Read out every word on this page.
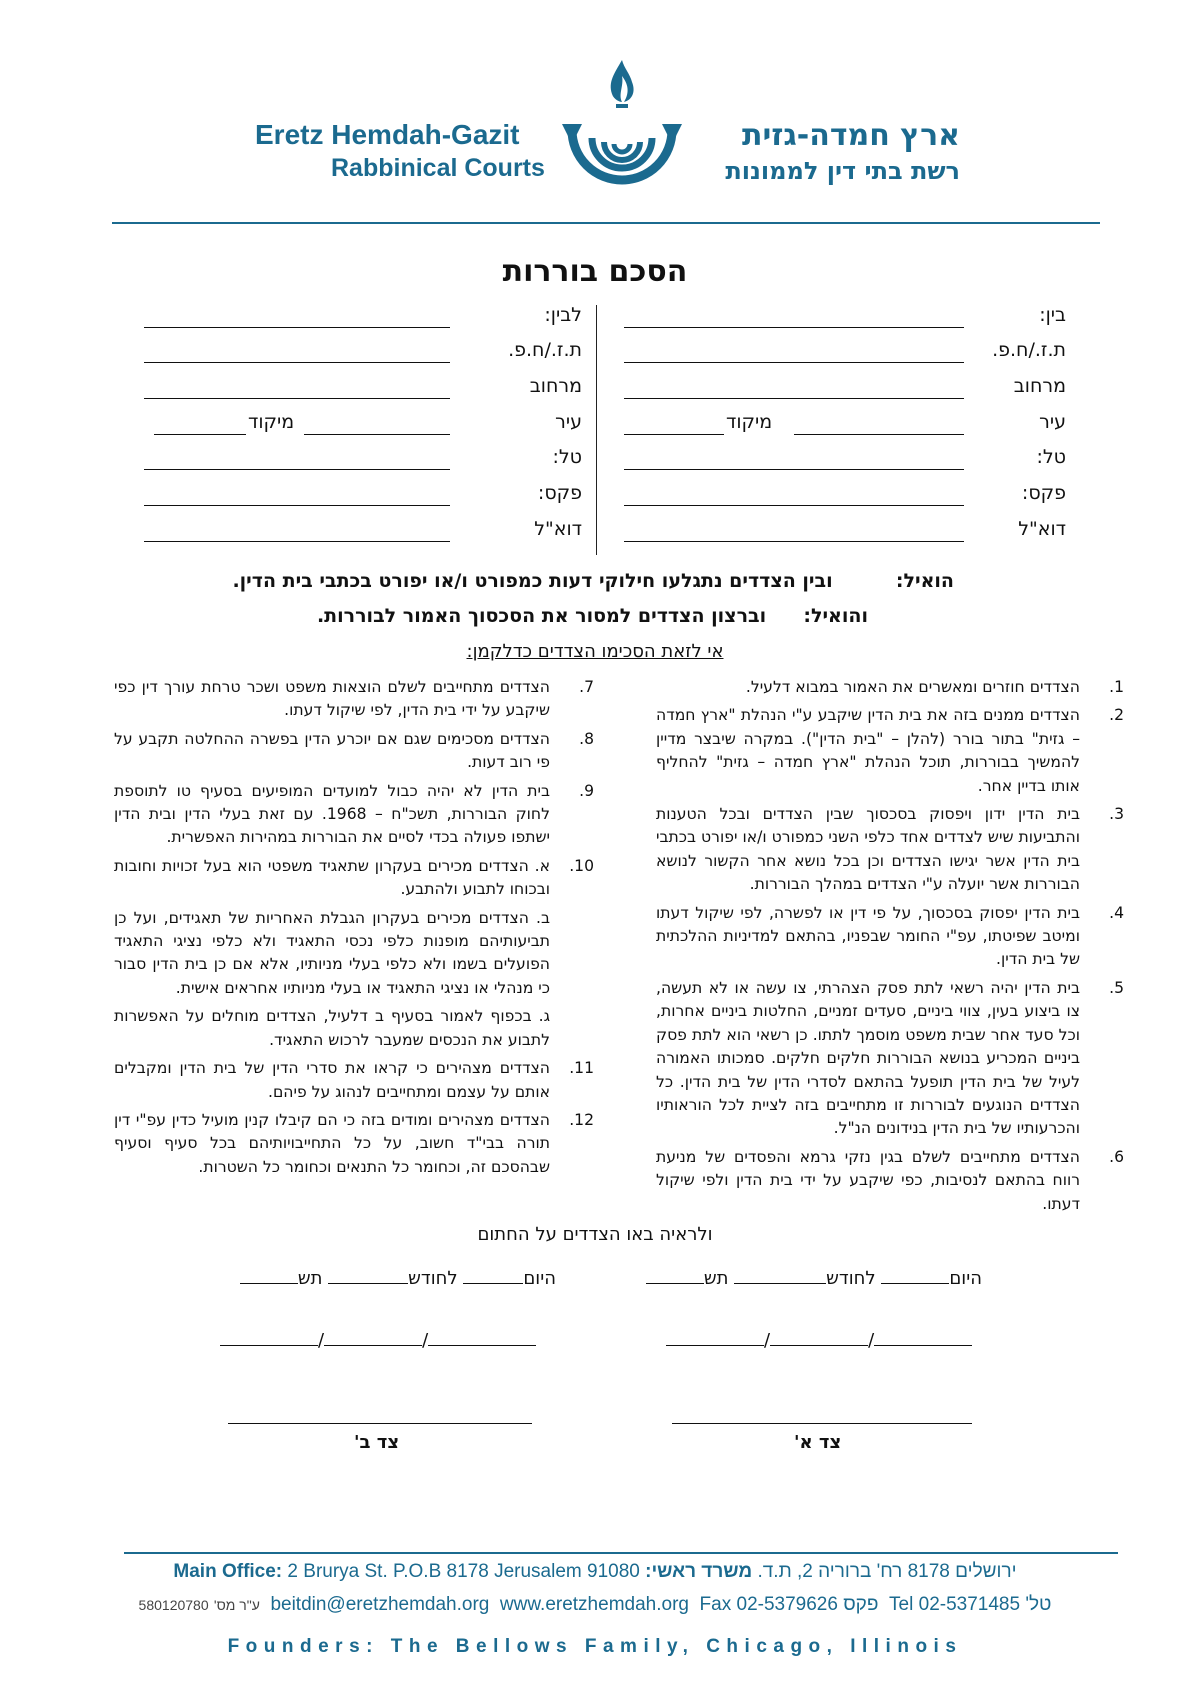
Eretz Hemdah-Gazit
Rabbinical Courts
ארץ חמדה-גזית
רשת בתי דין לממונות
הסכם בוררות
בין:
ת.ז./ח.פ.
מרחוב
עיר
מיקוד
טל:
פקס:
דוא"ל
לבין:
ת.ז./ח.פ.
מרחוב
עיר
מיקוד
טל:
פקס:
דוא"ל
הואיל:  ובין הצדדים נתגלעו חילוקי דעות כמפורט ו/או יפורט בכתבי בית הדין.
והואיל:  וברצון הצדדים למסור את הסכסוך האמור לבוררות.
אי לזאת הסכימו הצדדים כדלקמן:
1.
הצדדים חוזרים ומאשרים את האמור במבוא דלעיל.
2.
הצדדים ממנים בזה את בית הדין שיקבע ע"י הנהלת "ארץ חמדה – גזית" בתור בורר (להלן – "בית הדין"). במקרה שיבצר מדיין להמשיך בבוררות, תוכל הנהלת "ארץ חמדה – גזית" להחליף אותו בדיין אחר.
3.
בית הדין ידון ויפסוק בסכסוך שבין הצדדים ובכל הטענות והתביעות שיש לצדדים אחד כלפי השני כמפורט ו/או יפורט בכתבי בית הדין אשר יגישו הצדדים וכן בכל נושא אחר הקשור לנושא הבוררות אשר יועלה ע"י הצדדים במהלך הבוררות.
4.
בית הדין יפסוק בסכסוך, על פי דין או לפשרה, לפי שיקול דעתו ומיטב שפיטתו, עפ"י החומר שבפניו, בהתאם למדיניות ההלכתית של בית הדין.
5.
בית הדין יהיה רשאי לתת פסק הצהרתי, צו עשה או לא תעשה, צו ביצוע בעין, צווי ביניים, סעדים זמניים, החלטות ביניים אחרות, וכל סעד אחר שבית משפט מוסמך לתתו. כן רשאי הוא לתת פסק ביניים המכריע בנושא הבוררות חלקים חלקים. סמכותו האמורה לעיל של בית הדין תופעל בהתאם לסדרי הדין של בית הדין. כל הצדדים הנוגעים לבוררות זו מתחייבים בזה לציית לכל הוראותיו והכרעותיו של בית הדין בנידונים הנ"ל.
6.
הצדדים מתחייבים לשלם בגין נזקי גרמא והפסדים של מניעת רווח בהתאם לנסיבות, כפי שיקבע על ידי בית הדין ולפי שיקול דעתו.
7.
הצדדים מתחייבים לשלם הוצאות משפט ושכר טרחת עורך דין כפי שיקבע על ידי בית הדין, לפי שיקול דעתו.
8.
הצדדים מסכימים שגם אם יוכרע הדין בפשרה ההחלטה תקבע על פי רוב דעות.
9.
בית הדין לא יהיה כבול למועדים המופיעים בסעיף טו לתוספת לחוק הבוררות, תשכ"ח – 1968. עם זאת בעלי הדין ובית הדין ישתפו פעולה בכדי לסיים את הבוררות במהירות האפשרית.
10.
א. הצדדים מכירים בעקרון שתאגיד משפטי הוא בעל זכויות וחובות ובכוחו לתבוע ולהתבע.
ב. הצדדים מכירים בעקרון הגבלת האחריות של תאגידים, ועל כן תביעותיהם מופנות כלפי נכסי התאגיד ולא כלפי נציגי התאגיד הפועלים בשמו ולא כלפי בעלי מניותיו, אלא אם כן בית הדין סבור כי מנהלי או נציגי התאגיד או בעלי מניותיו אחראים אישית.
ג. בכפוף לאמור בסעיף ב דלעיל, הצדדים מוחלים על האפשרות לתבוע את הנכסים שמעבר לרכוש התאגיד.
11.
הצדדים מצהירים כי קראו את סדרי הדין של בית הדין ומקבלים אותם על עצמם ומתחייבים לנהוג על פיהם.
12.
הצדדים מצהירים ומודים בזה כי הם קיבלו קנין מועיל כדין עפ"י דין תורה בבי"ד חשוב, על כל התחייבויותיהם בכל סעיף וסעיף שבהסכם זה, וכחומר כל התנאים וכחומר כל השטרות.
ולראיה באו הצדדים על החתום
היום לחודש תש
היום לחודש תש
//
//
צד א'
צד ב'
Main Office: 2 Brurya St. P.O.B 8178 Jerusalem 91080	ירושלים 8178 רח' ברוריה 2, ת.ד. משרד ראשי:
580120780 ע"ר מס' beitdin@eretzhemdah.org www.eretzhemdah.org Fax 02-5379626 פקס Tel 02-5371485 טל'
Founders: The Bellows Family, Chicago, Illinois
